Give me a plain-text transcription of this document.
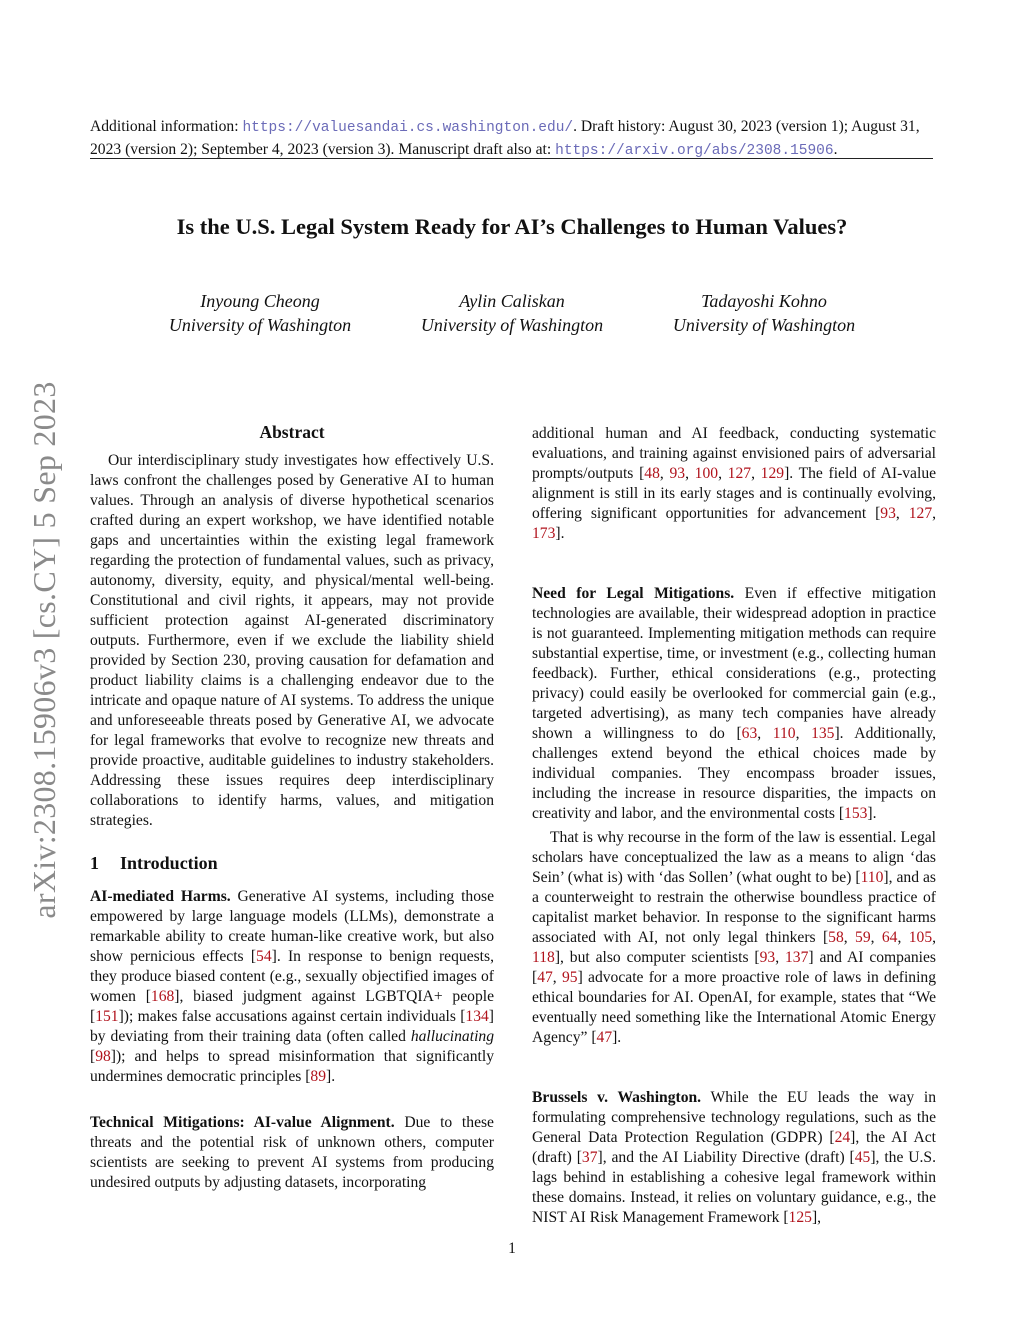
Additional information: https://valuesandai.cs.washington.edu/. Draft history: August 30, 2023 (version 1); August 31, 2023 (version 2); September 4, 2023 (version 3). Manuscript draft also at: https://arxiv.org/abs/2308.15906.
Is the U.S. Legal System Ready for AI’s Challenges to Human Values?
Inyoung Cheong
University of Washington
Aylin Caliskan
University of Washington
Tadayoshi Kohno
University of Washington
arXiv:2308.15906v3 [cs.CY] 5 Sep 2023	Abstract

Our interdisciplinary study investigates how effectively U.S. laws confront the challenges posed by Generative AI to human values. Through an analysis of diverse hypothetical scenarios crafted during an expert workshop, we have identified notable gaps and uncertainties within the existing legal framework regarding the protection of fundamental values, such as privacy, autonomy, diversity, equity, and physical/mental well-being. Constitutional and civil rights, it appears, may not provide sufficient protection against AI-generated discriminatory outputs. Furthermore, even if we exclude the liability shield provided by Section 230, proving causation for defamation and product liability claims is a challenging endeavor due to the intricate and opaque nature of AI systems. To address the unique and unforeseeable threats posed by Generative AI, we advocate for legal frameworks that evolve to recognize new threats and provide proactive, auditable guidelines to industry stakeholders. Addressing these issues requires deep interdisciplinary collaborations to identify harms, values, and mitigation strategies.

1 Introduction

AI-mediated Harms. Generative AI systems, including those empowered by large language models (LLMs), demonstrate a remarkable ability to create human-like creative work, but also show pernicious effects [54]. In response to benign requests, they produce biased content (e.g., sexually objectified images of women [168], biased judgment against LGBTQIA+ people [151]); makes false accusations against certain individuals [134] by deviating from their training data (often called hallucinating [98]); and helps to spread misinformation that significantly undermines democratic principles [89].

Technical Mitigations: AI-value Alignment. Due to these threats and the potential risk of unknown others, computer scientists are seeking to prevent AI systems from producing undesired outputs by adjusting datasets, incorporating

additional human and AI feedback, conducting systematic evaluations, and training against envisioned pairs of adversarial prompts/outputs [48, 93, 100, 127, 129]. The field of AI-value alignment is still in its early stages and is continually evolving, offering significant opportunities for advancement [93, 127, 173].

Need for Legal Mitigations. Even if effective mitigation technologies are available, their widespread adoption in practice is not guaranteed. Implementing mitigation methods can require substantial expertise, time, or investment (e.g., collecting human feedback). Further, ethical considerations (e.g., protecting privacy) could easily be overlooked for commercial gain (e.g., targeted advertising), as many tech companies have already shown a willingness to do [63, 110, 135]. Additionally, challenges extend beyond the ethical choices made by individual companies. They encompass broader issues, including the increase in resource disparities, the impacts on creativity and labor, and the environmental costs [153].

That is why recourse in the form of the law is essential. Legal scholars have conceptualized the law as a means to align ‘das Sein’ (what is) with ‘das Sollen’ (what ought to be) [110], and as a counterweight to restrain the otherwise boundless practice of capitalist market behavior. In response to the significant harms associated with AI, not only legal thinkers [58, 59, 64, 105, 118], but also computer scientists [93, 137] and AI companies [47, 95] advocate for a more proactive role of laws in defining ethical boundaries for AI. OpenAI, for example, states that “We eventually need something like the International Atomic Energy Agency” [47].

Brussels v. Washington. While the EU leads the way in formulating comprehensive technology regulations, such as the General Data Protection Regulation (GDPR) [24], the AI Act (draft) [37], and the AI Liability Directive (draft) [45], the U.S. lags behind in establishing a cohesive legal framework within these domains. Instead, it relies on voluntary guidance, e.g., the NIST AI Risk Management Framework [125],

1
